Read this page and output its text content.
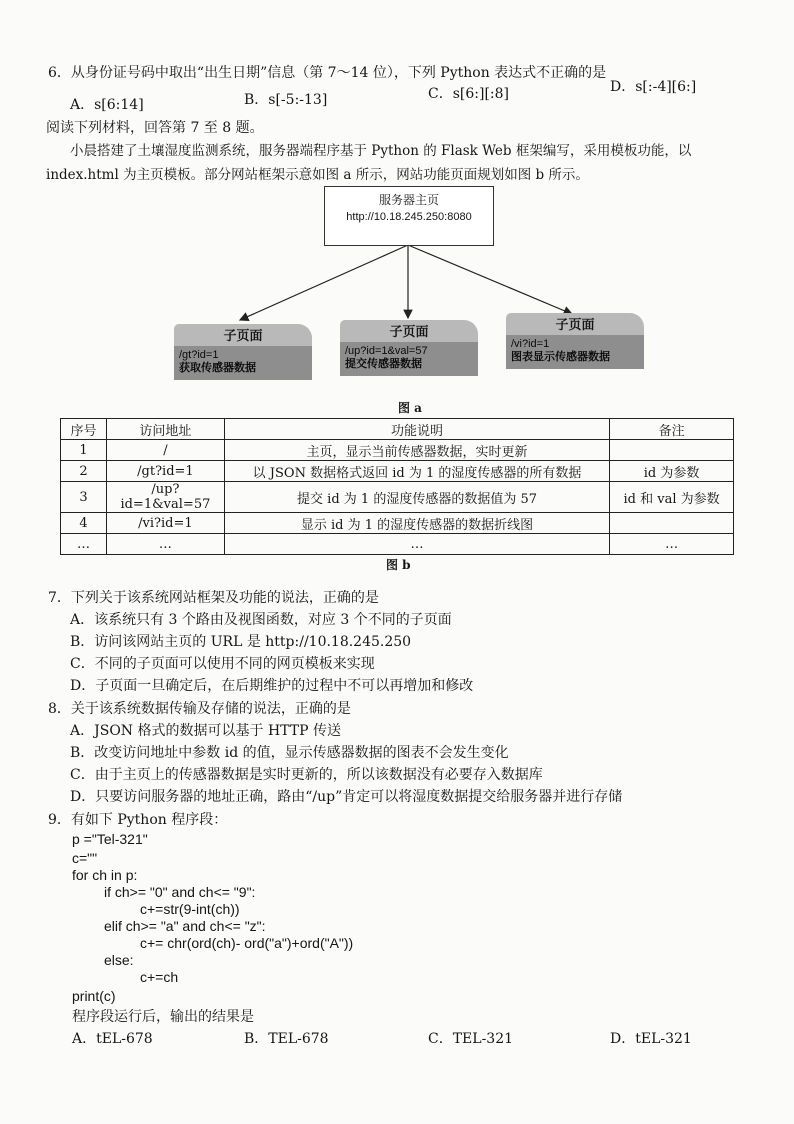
6．从身份证号码中取出“出生日期”信息（第 7～14 位），下列 Python 表达式不正确的是
A．s[6:14]	B．s[-5:-13]	C．s[6:][:8]	D．s[:-4][6:]
阅读下列材料，回答第 7 至 8 题。
小晨搭建了土壤湿度监测系统，服务器端程序基于 Python 的 Flask Web 框架编写，采用模板功能，以
index.html 为主页模板。部分网站框架示意如图 a 所示，网站功能页面规划如图 b 所示。
服务器主页
http://10.18.245.250:8080
子页面
/gt?id=1
获取传感器数据
子页面
/up?id=1&val=57
提交传感器数据
子页面
/vi?id=1
图表显示传感器数据
图 a
序号	访问地址	功能说明	备注
1	/	主页，显示当前传感器数据，实时更新	
2	/gt?id=1	以 JSON 数据格式返回 id 为 1 的湿度传感器的所有数据	id 为参数
3	/up?id=1&val=57	提交 id 为 1 的湿度传感器的数据值为 57	id 和 val 为参数
4	/vi?id=1	显示 id 为 1 的湿度传感器的数据折线图	
…	…	…	…
图 b
7．下列关于该系统网站框架及功能的说法，正确的是
A．该系统只有 3 个路由及视图函数，对应 3 个不同的子页面
B．访问该网站主页的 URL 是 http://10.18.245.250
C．不同的子页面可以使用不同的网页模板来实现
D．子页面一旦确定后，在后期维护的过程中不可以再增加和修改
8．关于该系统数据传输及存储的说法，正确的是
A．JSON 格式的数据可以基于 HTTP 传送
B．改变访问地址中参数 id 的值，显示传感器数据的图表不会发生变化
C．由于主页上的传感器数据是实时更新的，所以该数据没有必要存入数据库
D．只要访问服务器的地址正确，路由“/up”肯定可以将湿度数据提交给服务器并进行存储
9．有如下 Python 程序段：
p ="Tel-321"
c=""
for ch in p:
if ch>= "0" and ch<= "9":
c+=str(9-int(ch))
elif ch>= "a" and ch<= "z":
c+= chr(ord(ch)- ord("a")+ord("A"))
else:
c+=ch
print(c)
程序段运行后，输出的结果是
A．tEL-678	B．TEL-678	C．TEL-321	D．tEL-321
